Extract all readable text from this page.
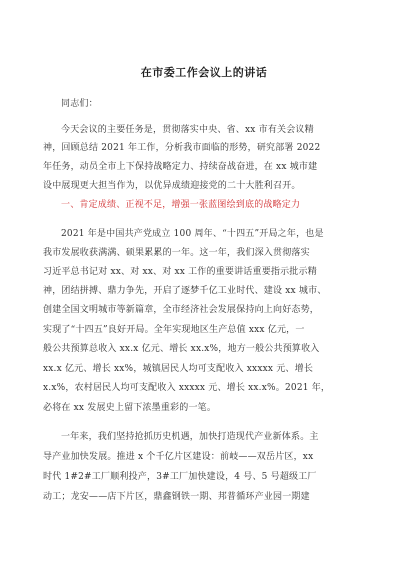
在市委工作会议上的讲话
同志们：
今天会议的主要任务是，贯彻落实中央、省、xx 市有关会议精
神，回顾总结 2021 年工作，分析我市面临的形势，研究部署 2022
年任务，动员全市上下保持战略定力、持续奋战奋进，在 xx 城市建
设中展现更大担当作为，以优异成绩迎接党的二十大胜利召开。
一、肯定成绩、正视不足，增强一张蓝图绘到底的战略定力
2021 年是中国共产党成立 100 周年、“十四五”开局之年，也是
我市发展收获满满、硕果累累的一年。这一年，我们深入贯彻落实
习近平总书记对 xx、对 xx、对 xx 工作的重要讲话重要指示批示精
神，团结拼搏、鼎力争先，开启了逐梦千亿工业时代、建设 xx 城市、
创建全国文明城市等新篇章，全市经济社会发展保持向上向好态势，
实现了“十四五”良好开局。全年实现地区生产总值 xxx 亿元，一
般公共预算总收入 xx.x 亿元、增长 xx.x%，地方一般公共预算收入
xx.x 亿元、增长 xx%，城镇居民人均可支配收入 xxxxx 元、增长
x.x%，农村居民人均可支配收入 xxxxx 元、增长 xx.x%。2021 年，
必将在 xx 发展史上留下浓墨重彩的一笔。
一年来，我们坚持抢抓历史机遇，加快打造现代产业新体系。主
导产业加快发展。推进 x 个千亿片区建设：前岐——双岳片区，xx
时代 1#2#工厂顺利投产，3#工厂加快建设，4 号、5 号超级工厂
动工；龙安——店下片区，鼎鑫钢铁一期、邦普循环产业园一期建
